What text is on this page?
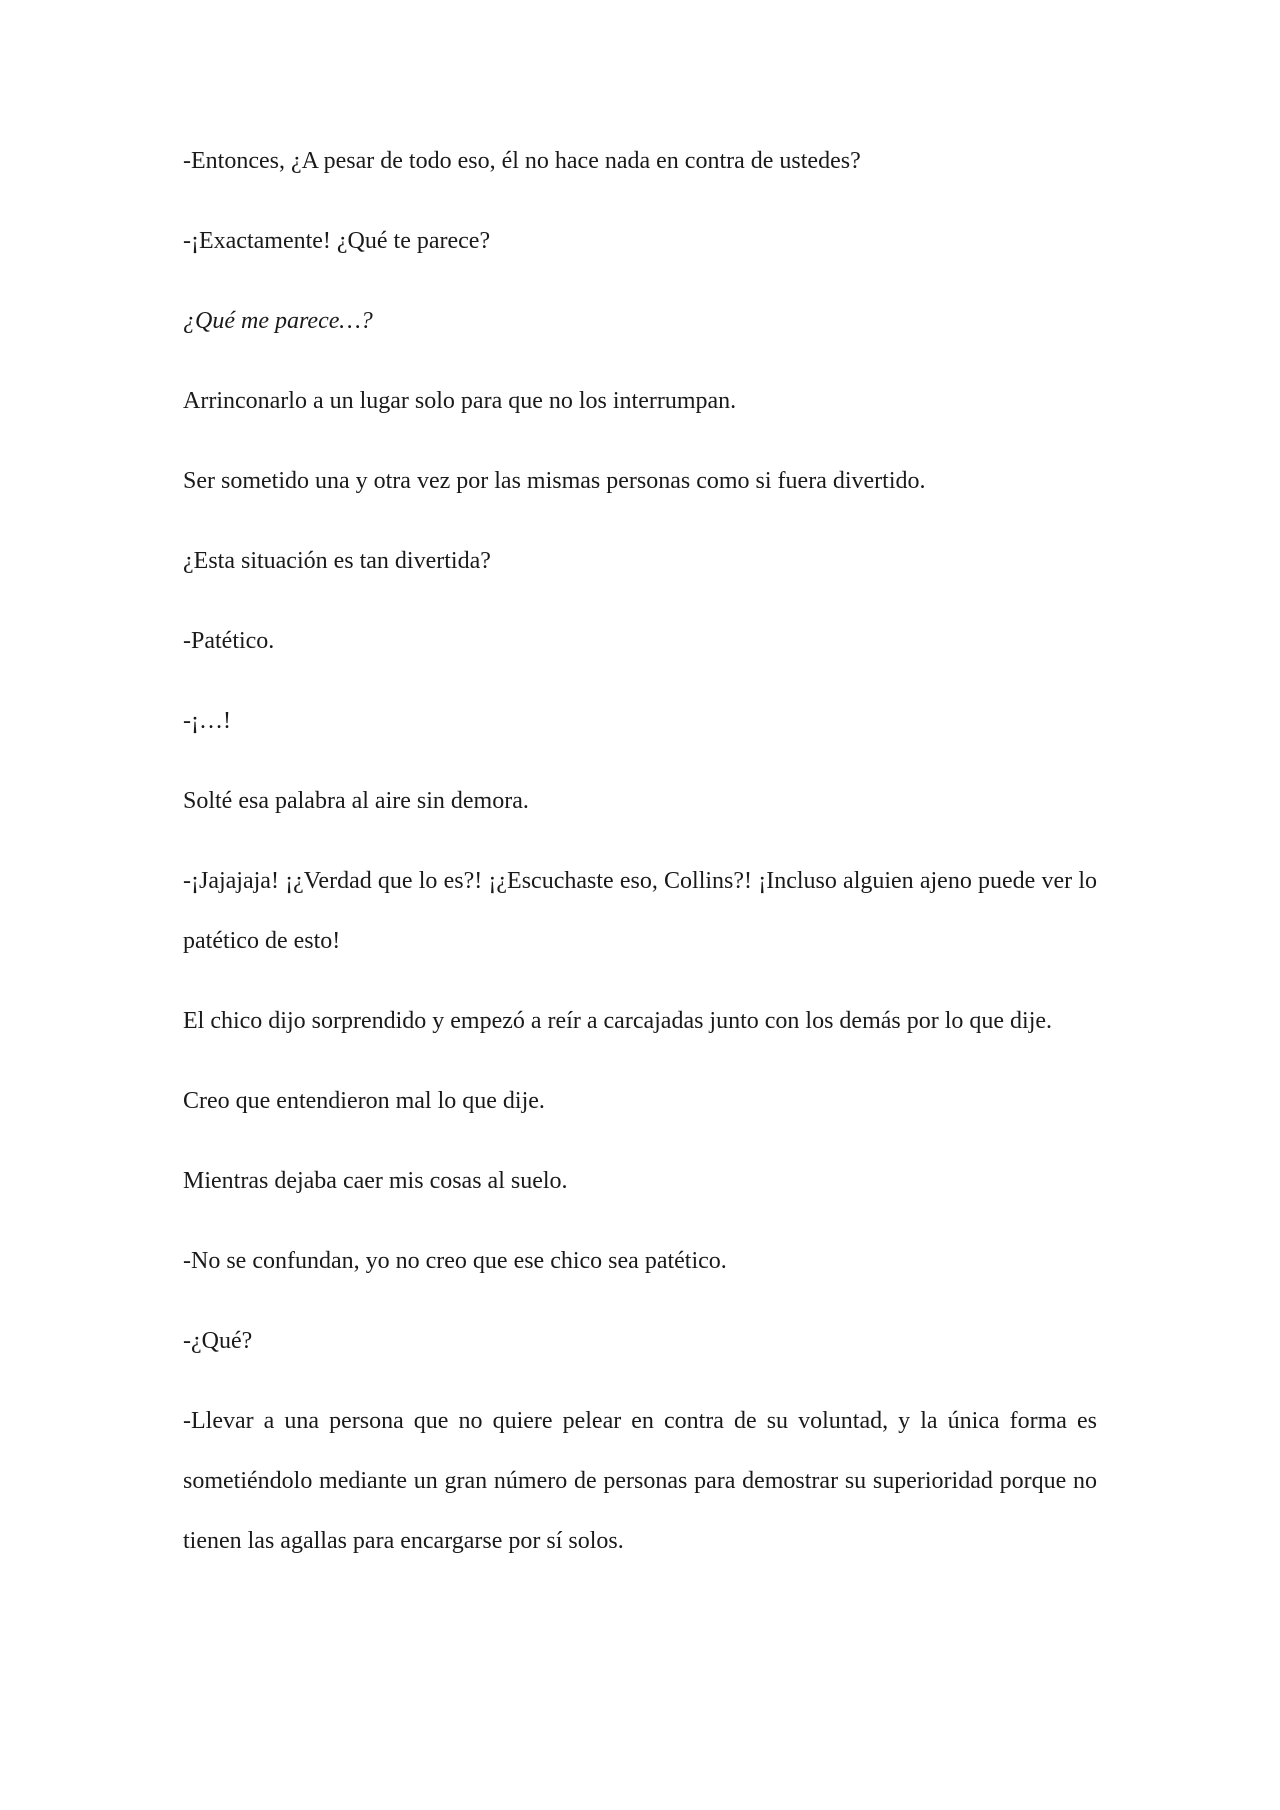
-Entonces, ¿A pesar de todo eso, él no hace nada en contra de ustedes?

-¡Exactamente! ¿Qué te parece?

¿Qué me parece…?

Arrinconarlo a un lugar solo para que no los interrumpan.

Ser sometido una y otra vez por las mismas personas como si fuera divertido.

¿Esta situación es tan divertida?

-Patético.

-¡…!

Solté esa palabra al aire sin demora.

-¡Jajajaja! ¡¿Verdad que lo es?! ¡¿Escuchaste eso, Collins?! ¡Incluso alguien ajeno puede ver lo patético de esto!

El chico dijo sorprendido y empezó a reír a carcajadas junto con los demás por lo que dije.

Creo que entendieron mal lo que dije.

Mientras dejaba caer mis cosas al suelo.

-No se confundan, yo no creo que ese chico sea patético.

-¿Qué?

-Llevar a una persona que no quiere pelear en contra de su voluntad, y la única forma es sometiéndolo mediante un gran número de personas para demostrar su superioridad porque no tienen las agallas para encargarse por sí solos.
